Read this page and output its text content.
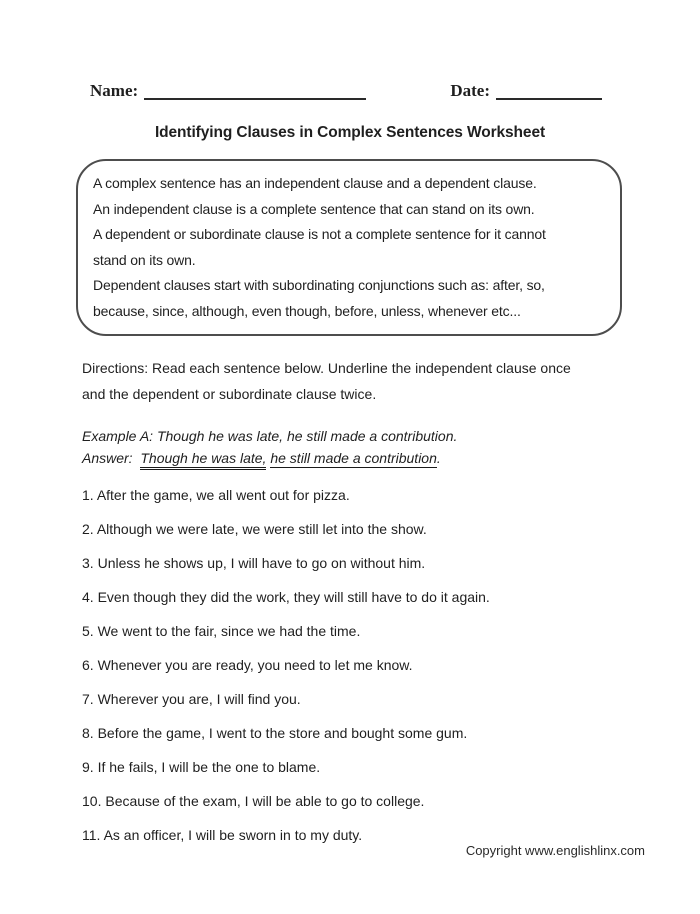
Name:	Date:
Identifying Clauses in Complex Sentences Worksheet
A complex sentence has an independent clause and a dependent clause.
An independent clause is a complete sentence that can stand on its own.
A dependent or subordinate clause is not a complete sentence for it cannot
stand on its own.
Dependent clauses start with subordinating conjunctions such as: after, so,
because, since, although, even though, before, unless, whenever etc...
Directions: Read each sentence below. Underline the independent clause once
and the dependent or subordinate clause twice.
Example A: Though he was late, he still made a contribution.
Answer: Though he was late, he still made a contribution.
1. After the game, we all went out for pizza.
2. Although we were late, we were still let into the show.
3. Unless he shows up, I will have to go on without him.
4. Even though they did the work, they will still have to do it again.
5. We went to the fair, since we had the time.
6. Whenever you are ready, you need to let me know.
7. Wherever you are, I will find you.
8. Before the game, I went to the store and bought some gum.
9. If he fails, I will be the one to blame.
10. Because of the exam, I will be able to go to college.
11. As an officer, I will be sworn in to my duty.
Copyright www.englishlinx.com
